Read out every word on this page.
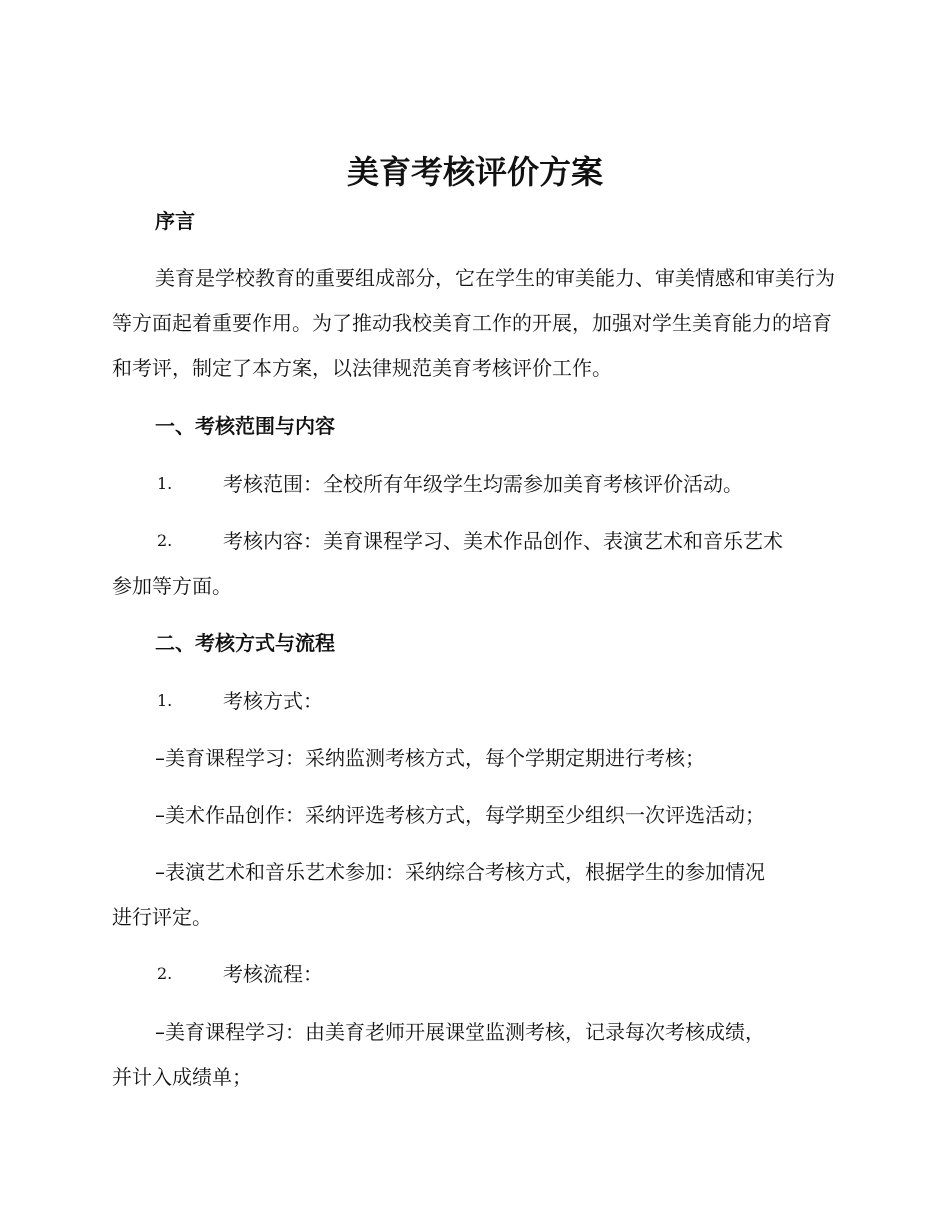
美育考核评价方案
序言

美育是学校教育的重要组成部分，它在学生的审美能力、审美情感和审美行为等方面起着重要作用。为了推动我校美育工作的开展，加强对学生美育能力的培育和考评，制定了本方案，以法律规范美育考核评价工作。

一、考核范围与内容
1.	考核范围：全校所有年级学生均需参加美育考核评价活动。
2.	考核内容：美育课程学习、美术作品创作、表演艺术和音乐艺术
参加等方面。
二、考核方式与流程
1.	考核方式：
–美育课程学习：采纳监测考核方式，每个学期定期进行考核；
–美术作品创作：采纳评选考核方式，每学期至少组织一次评选活动；
–表演艺术和音乐艺术参加：采纳综合考核方式，根据学生的参加情况
进行评定。
2.	考核流程：
–美育课程学习：由美育老师开展课堂监测考核，记录每次考核成绩，
并计入成绩单；
